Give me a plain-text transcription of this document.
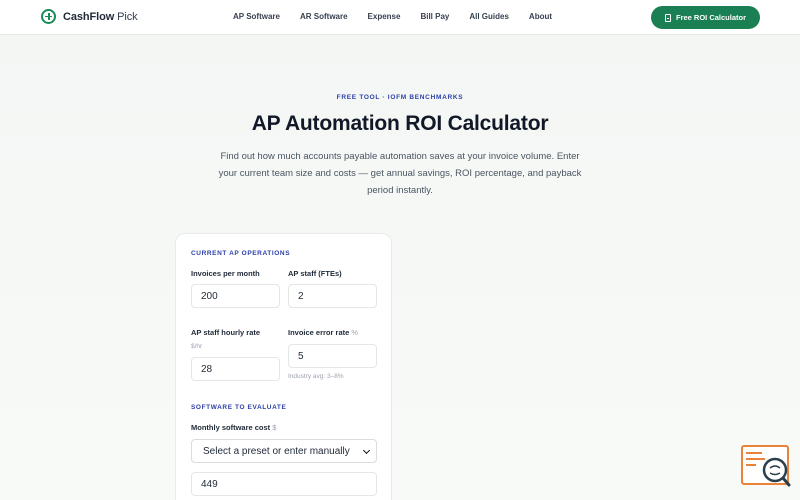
CashFlow Pick	AP Software	AR Software	Expense	Bill Pay	All Guides	About	Free ROI Calculator
FREE TOOL · IOFM BENCHMARKS
AP Automation ROI Calculator

Find out how much accounts payable automation saves at your invoice volume. Enter your current team size and costs — get annual savings, ROI percentage, and payback period instantly.

CURRENT AP OPERATIONS
Invoices per month
200
AP staff (FTEs)
2
AP staff hourly rate
$/hr
28
Invoice error rate %
5
Industry avg: 3–8%
SOFTWARE TO EVALUATE
Monthly software cost $
Select a preset or enter manually
449
